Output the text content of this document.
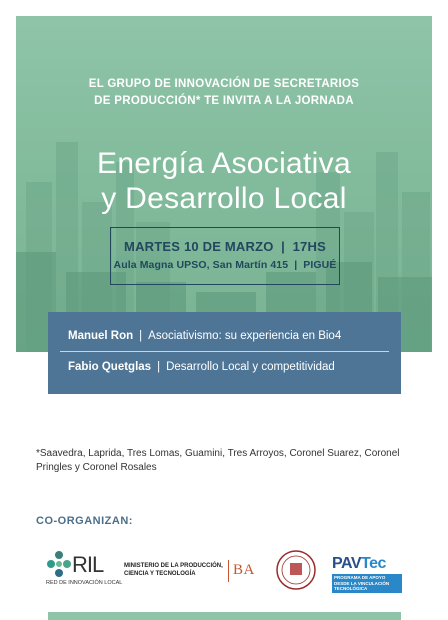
EL GRUPO DE INNOVACIÓN DE SECRETARIOS
DE PRODUCCIÓN* TE INVITA A LA JORNADA
Energía Asociativa
y Desarrollo Local
MARTES 10 DE MARZO  |  17HS
Aula Magna UPSO, San Martín 415  |  PIGUÉ
Manuel Ron | Asociativismo: su experiencia en Bio4
Fabio Quetglas | Desarrollo Local y competitividad
*Saavedra, Laprida, Tres Lomas, Guamini, Tres Arroyos, Coronel Suarez, Coronel Pringles y Coronel Rosales
CO-ORGANIZAN:
RIL
RED DE INNOVACIÓN LOCAL
MINISTERIO DE LA PRODUCCIÓN,
CIENCIA Y TECNOLOGÍA	BA	PAVTec
PROGRAMA DE APOYO DESDE LA VINCULACIÓN TECNOLÓGICA
